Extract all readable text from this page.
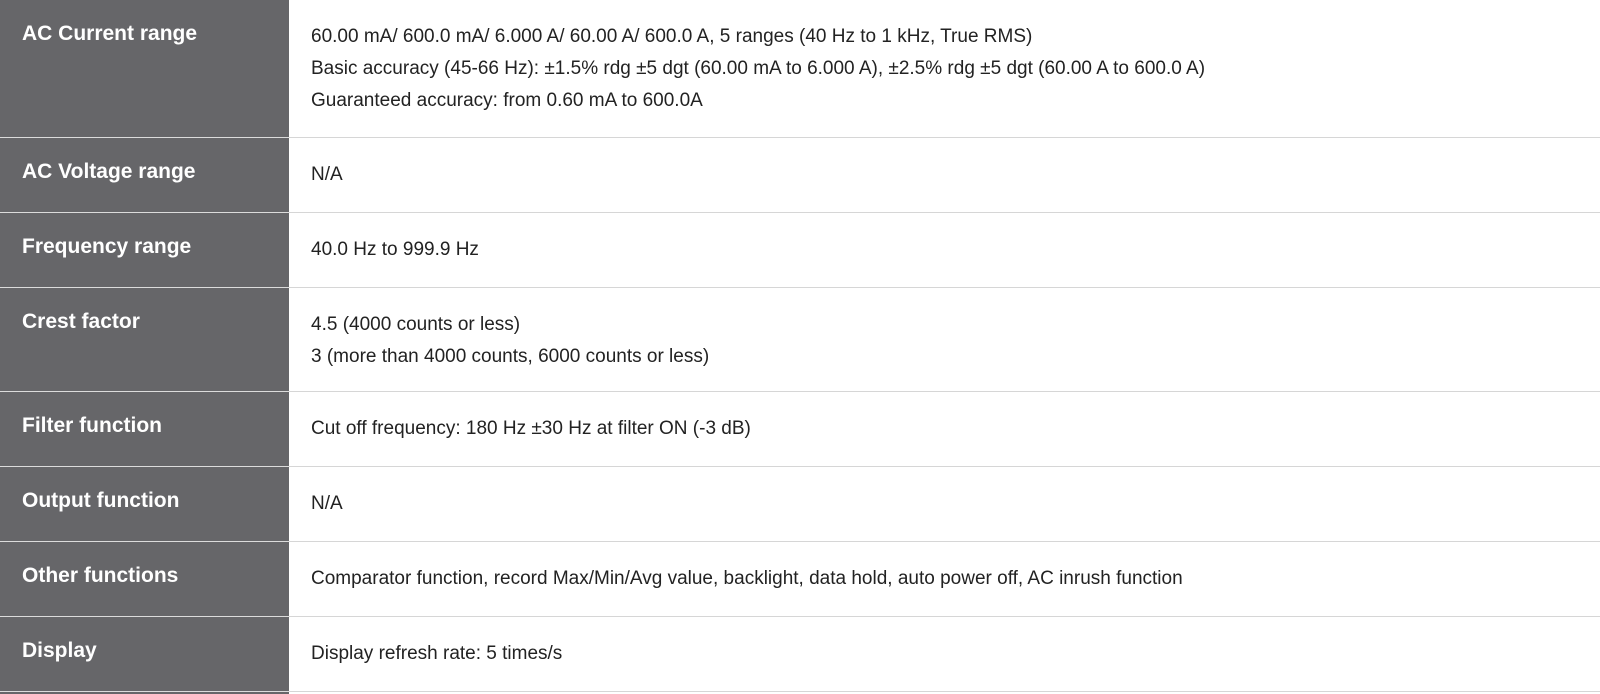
AC Current range	60.00 mA/ 600.0 mA/ 6.000 A/ 60.00 A/ 600.0 A, 5 ranges (40 Hz to 1 kHz, True RMS)
Basic accuracy (45-66 Hz): ±1.5% rdg ±5 dgt (60.00 mA to 6.000 A), ±2.5% rdg ±5 dgt (60.00 A to 600.0 A)
Guaranteed accuracy: from 0.60 mA to 600.0A

AC Voltage range	N/A

Frequency range	40.0 Hz to 999.9 Hz

Crest factor	4.5 (4000 counts or less)
3 (more than 4000 counts, 6000 counts or less)

Filter function	Cut off frequency: 180 Hz ±30 Hz at filter ON (-3 dB)

Output function	N/A

Other functions	Comparator function, record Max/Min/Avg value, backlight, data hold, auto power off, AC inrush function

Display	Display refresh rate: 5 times/s
